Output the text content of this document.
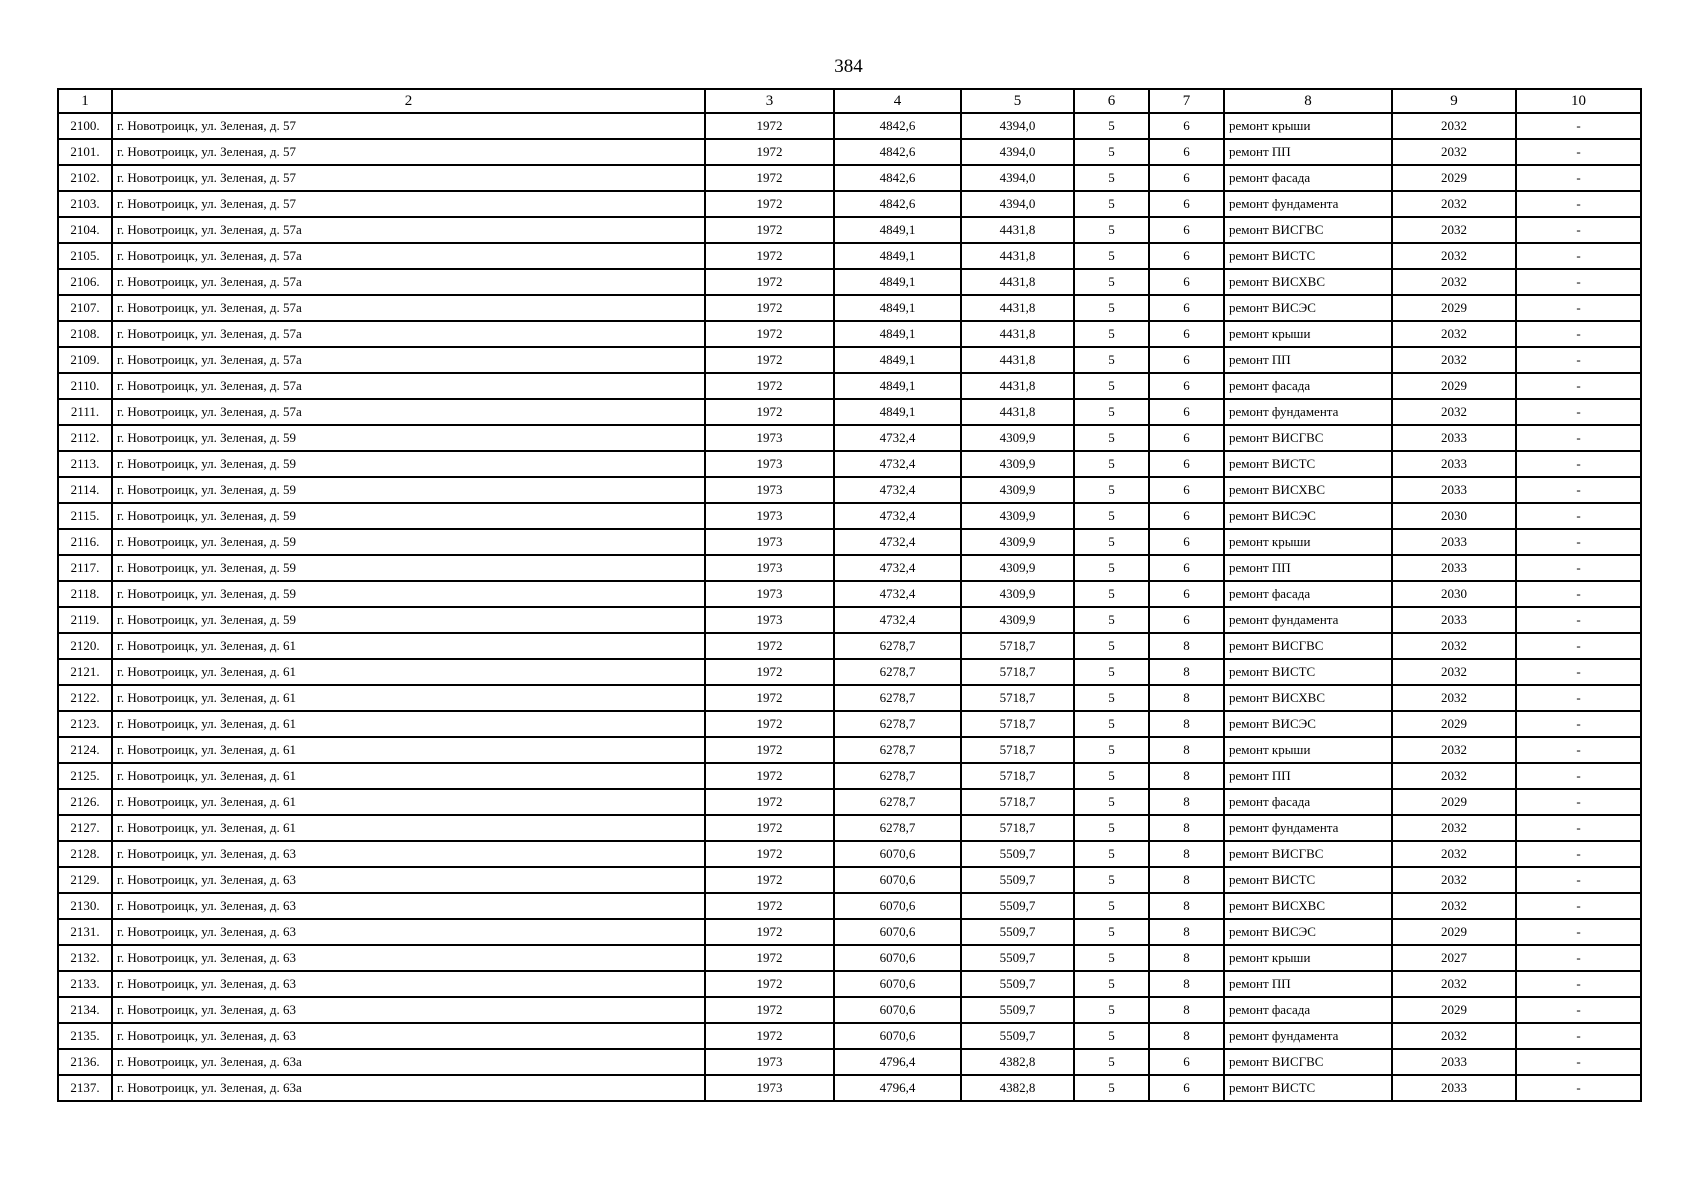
384
1	2	3	4	5	6	7	8	9	10
2100.	г. Новотроицк, ул. Зеленая, д. 57	1972	4842,6	4394,0	5	6	ремонт крыши	2032	-
2101.	г. Новотроицк, ул. Зеленая, д. 57	1972	4842,6	4394,0	5	6	ремонт ПП	2032	-
2102.	г. Новотроицк, ул. Зеленая, д. 57	1972	4842,6	4394,0	5	6	ремонт фасада	2029	-
2103.	г. Новотроицк, ул. Зеленая, д. 57	1972	4842,6	4394,0	5	6	ремонт фундамента	2032	-
2104.	г. Новотроицк, ул. Зеленая, д. 57а	1972	4849,1	4431,8	5	6	ремонт ВИСГВС	2032	-
2105.	г. Новотроицк, ул. Зеленая, д. 57а	1972	4849,1	4431,8	5	6	ремонт ВИСТС	2032	-
2106.	г. Новотроицк, ул. Зеленая, д. 57а	1972	4849,1	4431,8	5	6	ремонт ВИСХВС	2032	-
2107.	г. Новотроицк, ул. Зеленая, д. 57а	1972	4849,1	4431,8	5	6	ремонт ВИСЭС	2029	-
2108.	г. Новотроицк, ул. Зеленая, д. 57а	1972	4849,1	4431,8	5	6	ремонт крыши	2032	-
2109.	г. Новотроицк, ул. Зеленая, д. 57а	1972	4849,1	4431,8	5	6	ремонт ПП	2032	-
2110.	г. Новотроицк, ул. Зеленая, д. 57а	1972	4849,1	4431,8	5	6	ремонт фасада	2029	-
2111.	г. Новотроицк, ул. Зеленая, д. 57а	1972	4849,1	4431,8	5	6	ремонт фундамента	2032	-
2112.	г. Новотроицк, ул. Зеленая, д. 59	1973	4732,4	4309,9	5	6	ремонт ВИСГВС	2033	-
2113.	г. Новотроицк, ул. Зеленая, д. 59	1973	4732,4	4309,9	5	6	ремонт ВИСТС	2033	-
2114.	г. Новотроицк, ул. Зеленая, д. 59	1973	4732,4	4309,9	5	6	ремонт ВИСХВС	2033	-
2115.	г. Новотроицк, ул. Зеленая, д. 59	1973	4732,4	4309,9	5	6	ремонт ВИСЭС	2030	-
2116.	г. Новотроицк, ул. Зеленая, д. 59	1973	4732,4	4309,9	5	6	ремонт крыши	2033	-
2117.	г. Новотроицк, ул. Зеленая, д. 59	1973	4732,4	4309,9	5	6	ремонт ПП	2033	-
2118.	г. Новотроицк, ул. Зеленая, д. 59	1973	4732,4	4309,9	5	6	ремонт фасада	2030	-
2119.	г. Новотроицк, ул. Зеленая, д. 59	1973	4732,4	4309,9	5	6	ремонт фундамента	2033	-
2120.	г. Новотроицк, ул. Зеленая, д. 61	1972	6278,7	5718,7	5	8	ремонт ВИСГВС	2032	-
2121.	г. Новотроицк, ул. Зеленая, д. 61	1972	6278,7	5718,7	5	8	ремонт ВИСТС	2032	-
2122.	г. Новотроицк, ул. Зеленая, д. 61	1972	6278,7	5718,7	5	8	ремонт ВИСХВС	2032	-
2123.	г. Новотроицк, ул. Зеленая, д. 61	1972	6278,7	5718,7	5	8	ремонт ВИСЭС	2029	-
2124.	г. Новотроицк, ул. Зеленая, д. 61	1972	6278,7	5718,7	5	8	ремонт крыши	2032	-
2125.	г. Новотроицк, ул. Зеленая, д. 61	1972	6278,7	5718,7	5	8	ремонт ПП	2032	-
2126.	г. Новотроицк, ул. Зеленая, д. 61	1972	6278,7	5718,7	5	8	ремонт фасада	2029	-
2127.	г. Новотроицк, ул. Зеленая, д. 61	1972	6278,7	5718,7	5	8	ремонт фундамента	2032	-
2128.	г. Новотроицк, ул. Зеленая, д. 63	1972	6070,6	5509,7	5	8	ремонт ВИСГВС	2032	-
2129.	г. Новотроицк, ул. Зеленая, д. 63	1972	6070,6	5509,7	5	8	ремонт ВИСТС	2032	-
2130.	г. Новотроицк, ул. Зеленая, д. 63	1972	6070,6	5509,7	5	8	ремонт ВИСХВС	2032	-
2131.	г. Новотроицк, ул. Зеленая, д. 63	1972	6070,6	5509,7	5	8	ремонт ВИСЭС	2029	-
2132.	г. Новотроицк, ул. Зеленая, д. 63	1972	6070,6	5509,7	5	8	ремонт крыши	2027	-
2133.	г. Новотроицк, ул. Зеленая, д. 63	1972	6070,6	5509,7	5	8	ремонт ПП	2032	-
2134.	г. Новотроицк, ул. Зеленая, д. 63	1972	6070,6	5509,7	5	8	ремонт фасада	2029	-
2135.	г. Новотроицк, ул. Зеленая, д. 63	1972	6070,6	5509,7	5	8	ремонт фундамента	2032	-
2136.	г. Новотроицк, ул. Зеленая, д. 63а	1973	4796,4	4382,8	5	6	ремонт ВИСГВС	2033	-
2137.	г. Новотроицк, ул. Зеленая, д. 63а	1973	4796,4	4382,8	5	6	ремонт ВИСТС	2033	-
